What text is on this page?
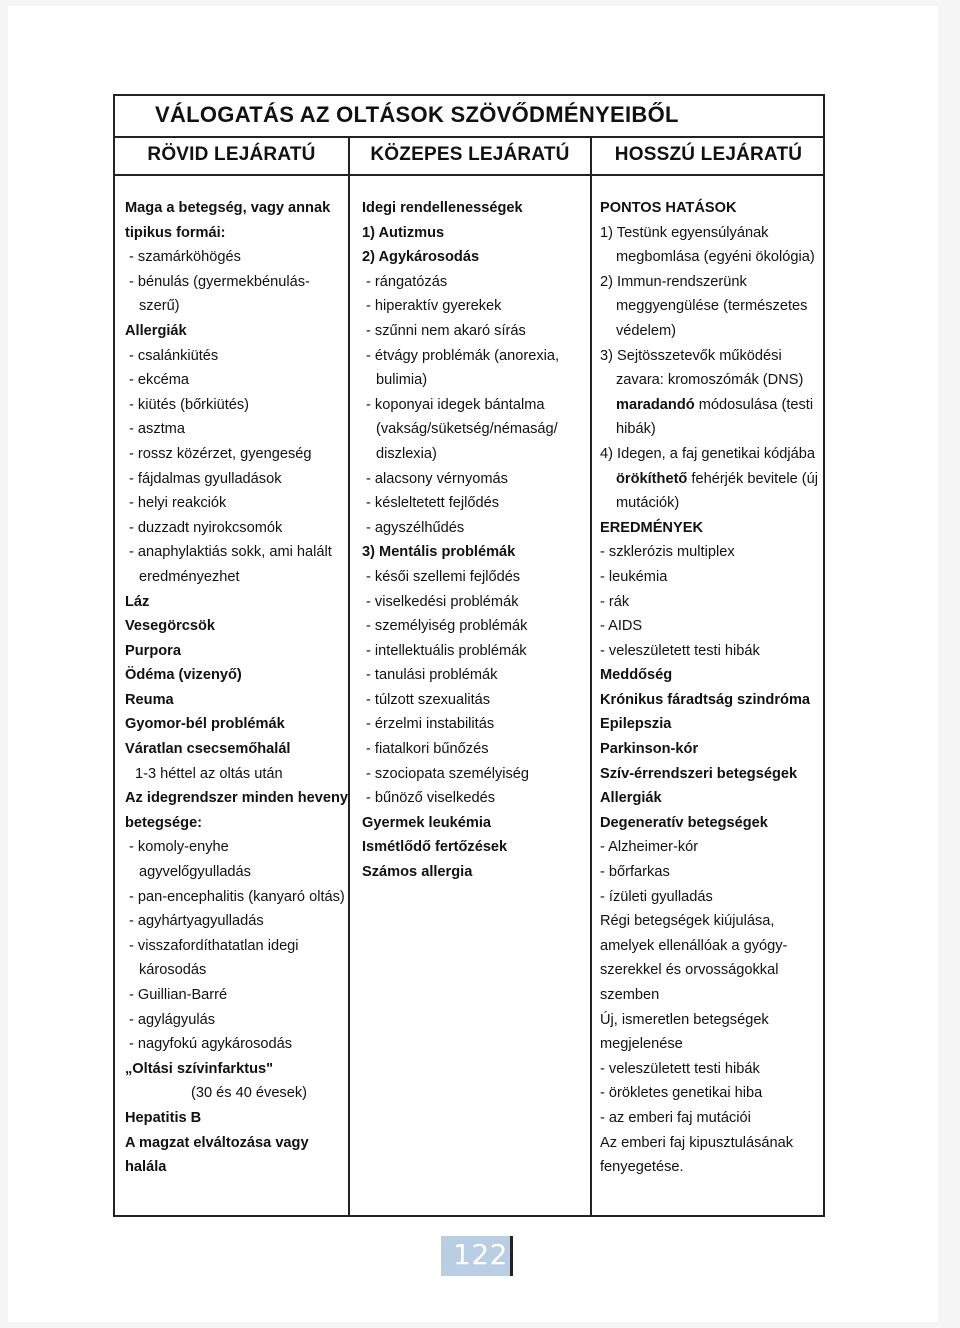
VÁLOGATÁS AZ OLTÁSOK SZÖVŐDMÉNYEIBŐL
RÖVID LEJÁRATÚ	KÖZEPES LEJÁRATÚ	HOSSZÚ LEJÁRATÚ
Maga a betegség, vagy annak
tipikus formái:
- szamárköhögés
- bénulás (gyermekbénulás-
szerű)
Allergiák
- csalánkiütés
- ekcéma
- kiütés (bőrkiütés)
- asztma
- rossz közérzet, gyengeség
- fájdalmas gyulladások
- helyi reakciók
- duzzadt nyirokcsomók
- anaphylaktiás sokk, ami halált
eredményezhet
Láz
Vesegörcsök
Purpora
Ödéma (vizenyő)
Reuma
Gyomor-bél problémák
Váratlan csecsemőhalál
1-3 héttel az oltás után
Az idegrendszer minden heveny
betegsége:
- komoly-enyhe
agyvelőgyulladás
- pan-encephalitis (kanyaró oltás)
- agyhártyagyulladás
- visszafordíthatatlan idegi
károsodás
- Guillian-Barré
- agylágyulás
- nagyfokú agykárosodás
„Oltási szívinfarktus"
(30 és 40 évesek)
Hepatitis B
A magzat elváltozása vagy
halála
Idegi rendellenességek
1) Autizmus
2) Agykárosodás
- rángatózás
- hiperaktív gyerekek
- szűnni nem akaró sírás
- étvágy problémák (anorexia,
bulimia)
- koponyai idegek bántalma
(vakság/süketség/némaság/
diszlexia)
- alacsony vérnyomás
- késleltetett fejlődés
- agyszélhűdés
3) Mentális problémák
- késői szellemi fejlődés
- viselkedési problémák
- személyiség problémák
- intellektuális problémák
- tanulási problémák
- túlzott szexualitás
- érzelmi instabilitás
- fiatalkori bűnőzés
- szociopata személyiség
- bűnöző viselkedés
Gyermek leukémia
Ismétlődő fertőzések
Számos allergia
PONTOS HATÁSOK
1) Testünk egyensúlyának
megbomlása (egyéni ökológia)
2) Immun-rendszerünk
meggyengülése (természetes
védelem)
3) Sejtösszetevők működési
zavara: kromoszómák (DNS)
maradandó módosulása (testi
hibák)
4) Idegen, a faj genetikai kódjába
örökíthető fehérjék bevitele (új
mutációk)
EREDMÉNYEK
- szklerózis multiplex
- leukémia
- rák
- AIDS
- veleszületett testi hibák
Meddőség
Krónikus fáradtság szindróma
Epilepszia
Parkinson-kór
Szív-érrendszeri betegségek
Allergiák
Degeneratív betegségek
- Alzheimer-kór
- bőrfarkas
- ízületi gyulladás
Régi betegségek kiújulása,
amelyek ellenállóak a gyógy-
szerekkel és orvosságokkal
szemben
Új, ismeretlen betegségek
megjelenése
- veleszületett testi hibák
- örökletes genetikai hiba
- az emberi faj mutációi
Az emberi faj kipusztulásának
fenyegetése.
122
